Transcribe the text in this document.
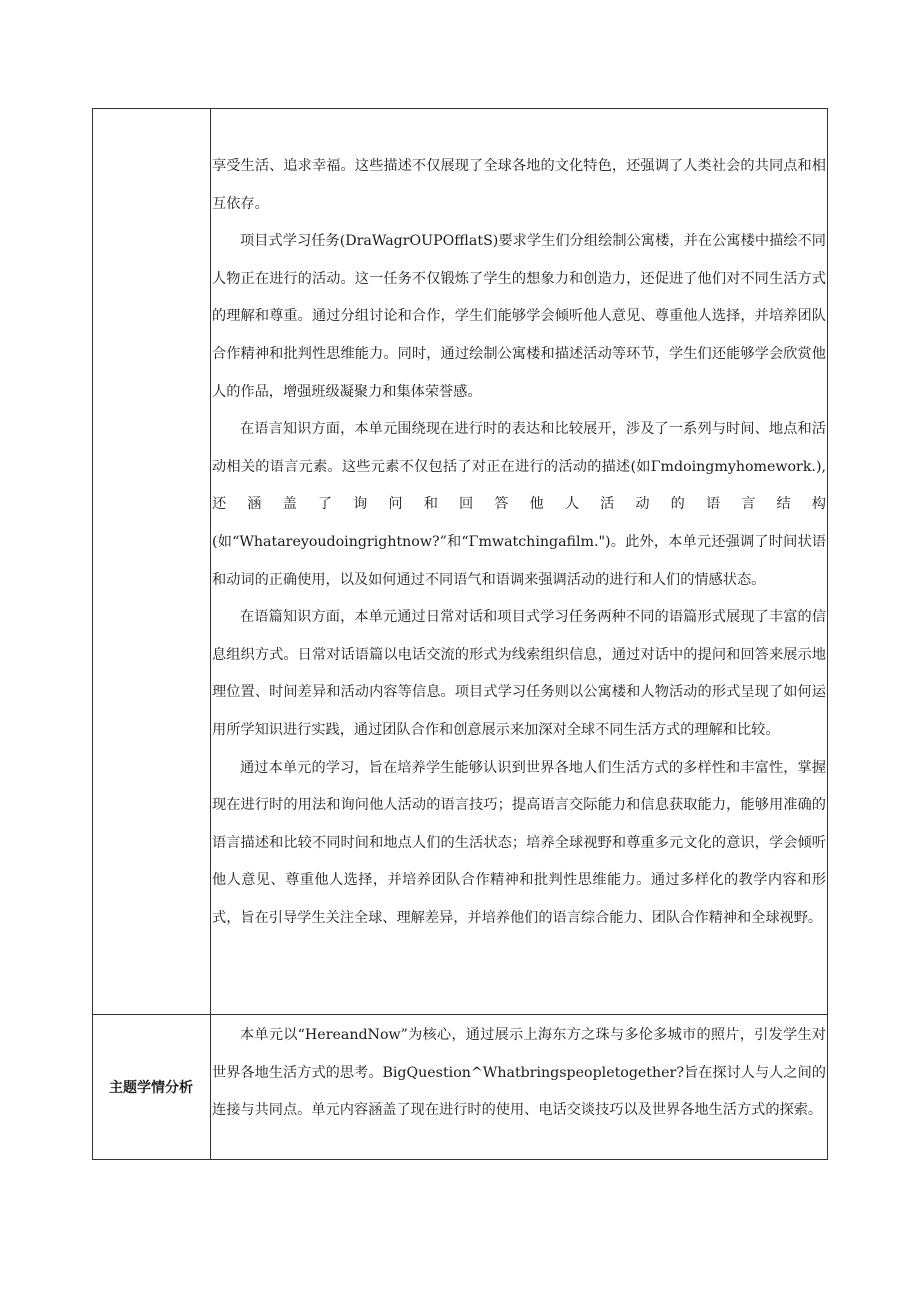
享受生活、追求幸福。这些描述不仅展现了全球各地的文化特色，还强调了人类社会的共同点和相互依存。

项目式学习任务(DraWagrOUPOfflatS)要求学生们分组绘制公寓楼，并在公寓楼中描绘不同人物正在进行的活动。这一任务不仅锻炼了学生的想象力和创造力，还促进了他们对不同生活方式的理解和尊重。通过分组讨论和合作，学生们能够学会倾听他人意见、尊重他人选择，并培养团队合作精神和批判性思维能力。同时，通过绘制公寓楼和描述活动等环节，学生们还能够学会欣赏他人的作品，增强班级凝聚力和集体荣誉感。

在语言知识方面，本单元围绕现在进行时的表达和比较展开，涉及了一系列与时间、地点和活动相关的语言元素。这些元素不仅包括了对正在进行的活动的描述(如Γmdoingmyhomework.),还涵盖了询问和回答他人活动的语言结构(如“Whatareyoudoingrightnow?”和“Γmwatchingafilm.")。此外，本单元还强调了时间状语和动词的正确使用，以及如何通过不同语气和语调来强调活动的进行和人们的情感状态。

在语篇知识方面，本单元通过日常对话和项目式学习任务两种不同的语篇形式展现了丰富的信息组织方式。日常对话语篇以电话交流的形式为线索组织信息，通过对话中的提问和回答来展示地理位置、时间差异和活动内容等信息。项目式学习任务则以公寓楼和人物活动的形式呈现了如何运用所学知识进行实践，通过团队合作和创意展示来加深对全球不同生活方式的理解和比较。

通过本单元的学习，旨在培养学生能够认识到世界各地人们生活方式的多样性和丰富性，掌握现在进行时的用法和询问他人活动的语言技巧；提高语言交际能力和信息获取能力，能够用准确的语言描述和比较不同时间和地点人们的生活状态；培养全球视野和尊重多元文化的意识，学会倾听他人意见、尊重他人选择，并培养团队合作精神和批判性思维能力。通过多样化的教学内容和形式，旨在引导学生关注全球、理解差异，并培养他们的语言综合能力、团队合作精神和全球视野。

主题学情分析

本单元以“HereandNow”为核心，通过展示上海东方之珠与多伦多城市的照片，引发学生对世界各地生活方式的思考。BigQuestion^Whatbringspeopletogether?旨在探讨人与人之间的连接与共同点。单元内容涵盖了现在进行时的使用、电话交谈技巧以及世界各地生活方式的探索。
